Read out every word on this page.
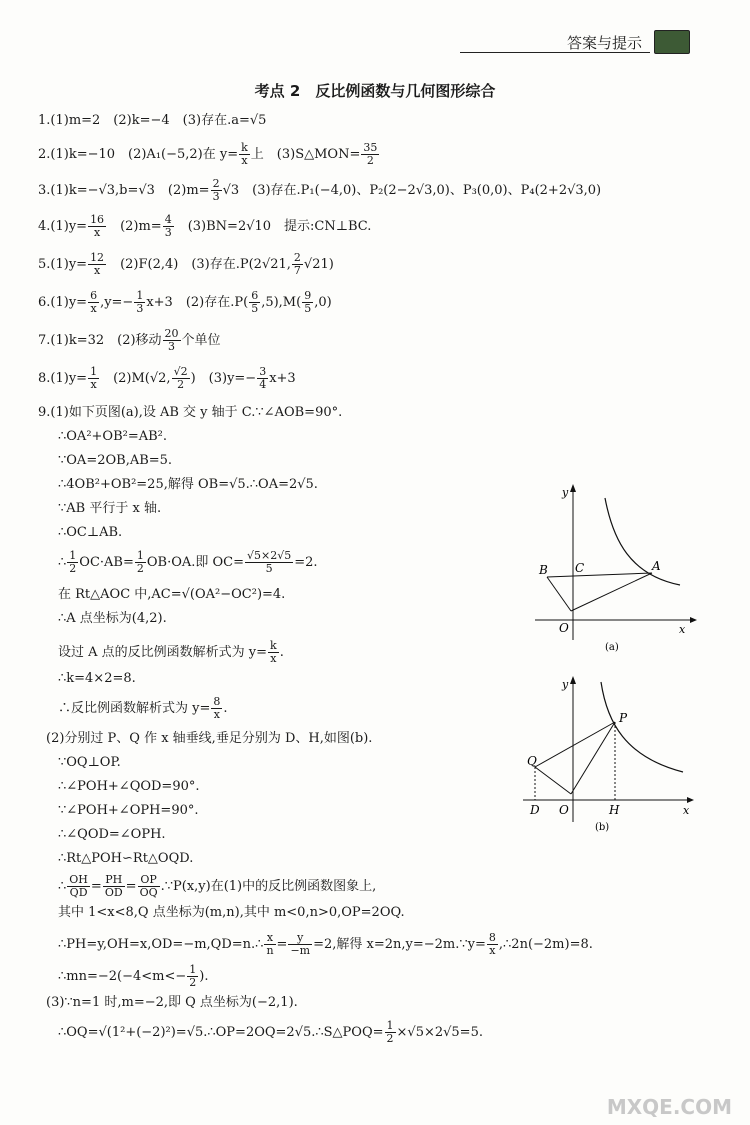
答案与提示
考点 2　反比例函数与几何图形综合
1.(1)m=2　(2)k=−4　(3)存在.a=√5
2.(1)k=−10　(2)A₁(−5,2)在 $y= \frac{k}{x}$ 上　(3)S△MON= $\frac{35}{2}$
3.(1)k=−√3,b=√3　$(2)m= \frac{2}{3} √3$　(3)存在.P₁(−4,0)、P₂(2−2√3,0)、P₃(0,0)、P₄(2+2√3,0)
$4.(1)y= \frac{16}{x}$ 　$(2)m= \frac{4}{3}$ 　(3)BN=2√10　提示:CN⊥BC.
$5.(1)y= \frac{12}{x}$ 　(2)F(2,4)　(3)存在.P(2√21, $\frac{2}{7} √21$)
$6.(1)y= \frac{6}{x} ,y=- \frac{1}{3} x+3$　(2)存在$.P( \frac{6}{5} ,5),M( \frac{9}{5} ,0)$
7.(1)k=32　(2)移动 $\frac{20}{3}$ 个单位
$8.(1)y= \frac{1}{x}$ 　(2)M(√2, $\frac{√2}{2}$ )　$(3)y=- \frac{3}{4} x+3$
9.(1)如下页图(a),设 AB 交 y 轴于 C.∵∠AOB=90°.
∴OA²+OB²=AB².
∵OA=2OB,AB=5.
∴4OB²+OB²=25,解得 OB=√5.∴OA=2√5.
∵AB 平行于 x 轴.
∴OC⊥AB.
∴ $\frac{1}{2} OC\cdot AB= \frac{1}{2} OB\cdot OA$.即 $OC= \frac{√5\times 2√5}{5} =2$.
在 Rt△AOC 中,AC=√(OA²−OC²)=4.
∴A 点坐标为(4,2).
设过 A 点的反比例函数解析式为 $y= \frac{k}{x}$ .
∴k=4×2=8.
∴反比例函数解析式为 $y= \frac{8}{x}$ .
(2)分别过 P、Q 作 x 轴垂线,垂足分别为 D、H,如图(b).
∵OQ⊥OP.
∴∠POH+∠QOD=90°.
∵∠POH+∠OPH=90°.
∴∠QOD=∠OPH.
∴Rt△POH∽Rt△OQD.
∴ $\frac{OH}{QD} = \frac{PH}{OD} = \frac{OP}{OQ}$ .∵P(x,y)在(1)中的反比例函数图象上,
其中 1<x<8,Q 点坐标为(m,n),其中 m<0,n>0,OP=2OQ.
∴PH=y,OH=x,OD=−m,QD=n.∴ $\frac{x}{n} = \frac{y}{-m} =2$,解得 x=2n,y=−2m.∵y= $\frac{8}{x}$ ,∴2n(−2m)=8.
∴mn=−2(−4<m<− $\frac{1}{2}$ ).
(3)∵n=1 时,m=−2,即 Q 点坐标为(−2,1).
∴OQ=√(1²+(−2)²)=√5.∴OP=2OQ=2√5.∴S△POQ= $\frac{1}{2} \times√5\times 2√5=5$.
B C	A
O
y
x
(a)
P
Q
D O	H
y
x
(b)
MXQE.COM
